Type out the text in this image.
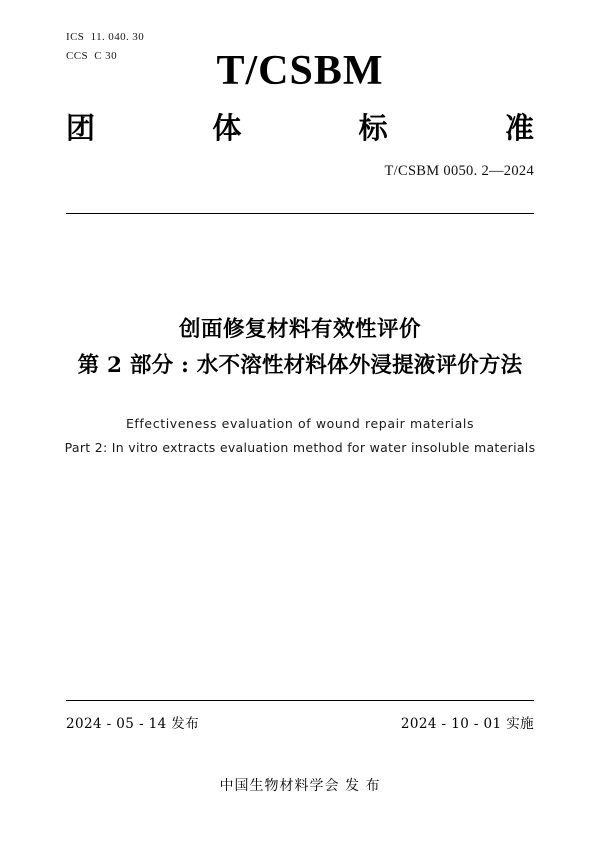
ICS  11. 040. 30
CCS  C 30	T/CSBM
团	体	标	准
T/CSBM 0050. 2—2024
创面修复材料有效性评价
第 2 部分 : 水不溶性材料体外浸提液评价方法
Effectiveness evaluation of wound repair materials
Part 2: In vitro extracts evaluation method for water insoluble materials
2024 - 05 - 14 发布	2024 - 10 - 01 实施
中国生物材料学会 发 布
